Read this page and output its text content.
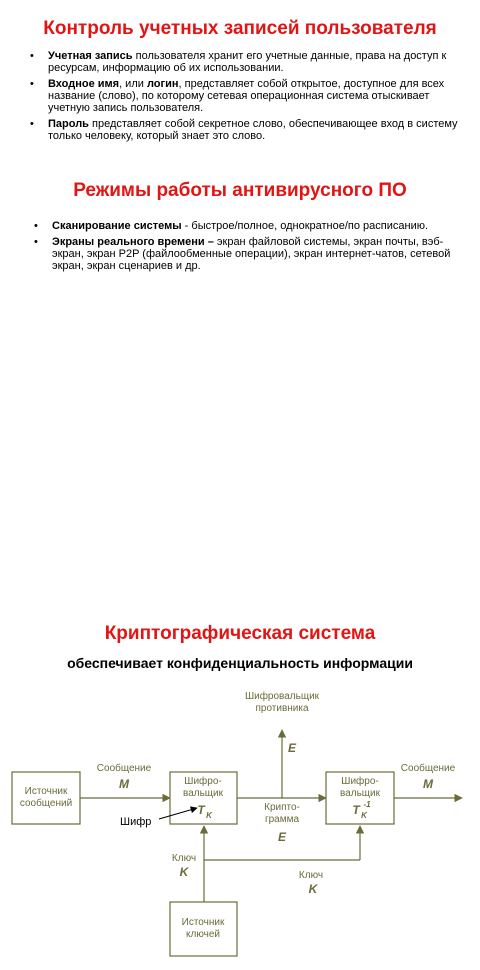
Контроль учетных записей пользователя
• Учетная запись пользователя хранит его учетные данные, права на доступ к ресурсам, информацию об их использовании.
• Входное имя, или логин, представляет собой открытое, доступное для всех название (слово), по которому сетевая операционная система отыскивает учетную запись пользователя.
• Пароль представляет собой секретное слово, обеспечивающее вход в систему только человеку, который знает это слово.
Режимы работы антивирусного ПО
• Сканирование системы - быстрое/полное, однократное/по расписанию.
• Экраны реального времени – экран файловой системы, экран почты, вэб-экран, экран P2P (файлообменные операции), экран интернет-чатов, сетевой экран, экран сценариев и др.
Криптографическая система

обеспечивает конфиденциальность информации

Шифровальщик
противника
E
Источник
сообщений
Сообщение
M	Шифро-
вальщик
T K
Крипто-
грамма
E
Шифро-
вальщик
T K
-1
Сообщение
M
Ключ
K	Ключ
K
Источник
ключей
Шифр
